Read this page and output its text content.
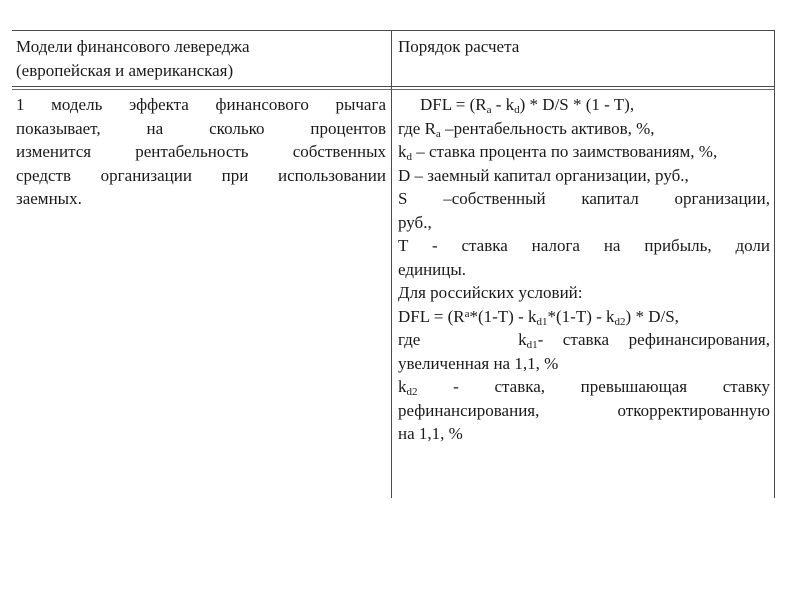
Модели финансового левереджа
(европейская и американская)
Порядок расчета
1 модель эффекта финансового рычага
показывает, на сколько процентов
изменится рентабельность собственных
средств организации при использовании
заемных.
DFL = $(R_a - k_d) * D/S * (1 - T)$,
где $R_a$ –рентабельность активов, %,
$k_d$ – ставка процента по заимствованиям, %,
D – заемный капитал организации, руб.,
S –собственный капитал организации,
руб.,
T - ставка налога на прибыль, доли
единицы.
Для российских условий:
DFL = $(R^a*(1-T) - k_{d1}*(1-T) - k_{d2}) * D/S$,
где     $k_{d1}-$ ставка рефинансирования,
увеличенная на 1,1, %
$k_{d2}$ - ставка, превышающая ставку
рефинансирования, откорректированную
на 1,1, %
